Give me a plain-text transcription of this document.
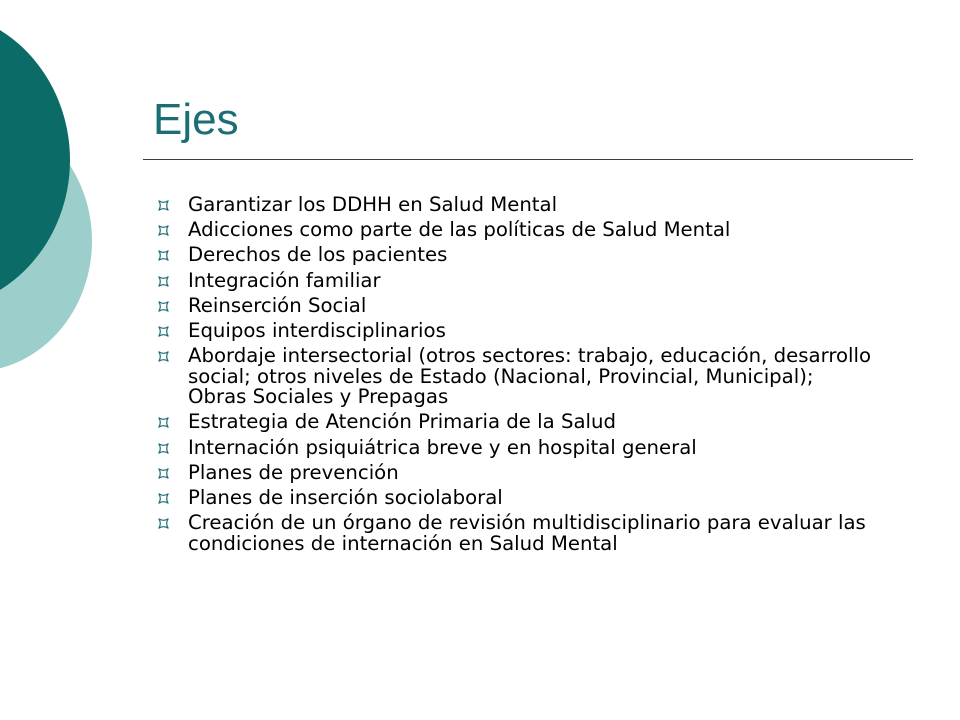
Ejes
Garantizar los DDHH en Salud Mental
Adicciones como parte de las políticas de Salud Mental
Derechos de los pacientes
Integración familiar
Reinserción Social
Equipos interdisciplinarios
Abordaje intersectorial (otros sectores: trabajo, educación, desarrollo social; otros niveles de Estado (Nacional, Provincial, Municipal); Obras Sociales y Prepagas
Estrategia de Atención Primaria de la Salud
Internación psiquiátrica breve y en hospital general
Planes de prevención
Planes de inserción sociolaboral
Creación de un órgano de revisión multidisciplinario para evaluar las condiciones de internación en Salud Mental
